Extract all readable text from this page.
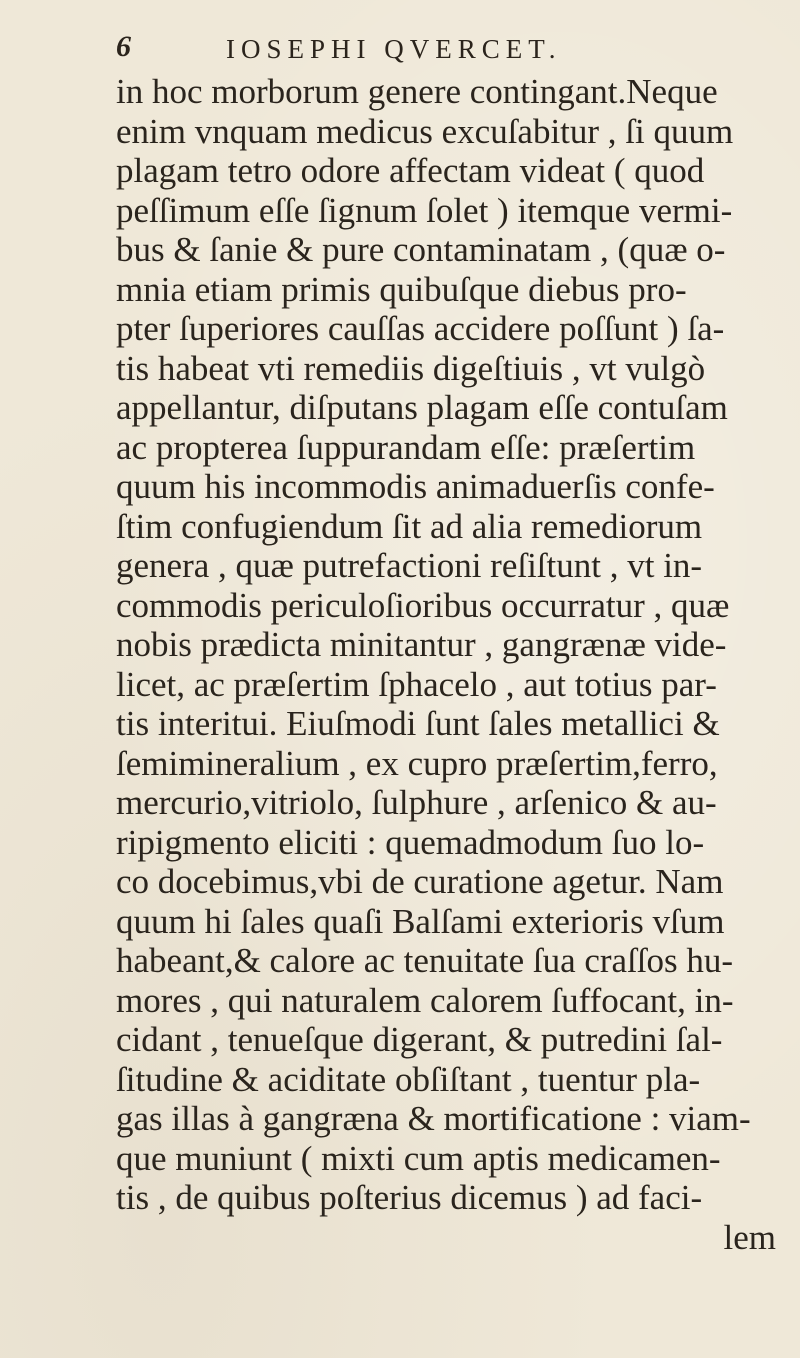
6	IOSEPHI QVERCET.
in hoc morborum genere contingant.Neque
enim vnquam medicus excuſabitur , ſi quum
plagam tetro odore affectam videat ( quod
peſſimum eſſe ſignum ſolet ) itemque vermi-
bus & ſanie & pure contaminatam , (quæ o-
mnia etiam primis quibuſque diebus pro-
pter ſuperiores cauſſas accidere poſſunt ) ſa-
tis habeat vti remediis digeſtiuis , vt vulgò
appellantur, diſputans plagam eſſe contuſam
ac propterea ſuppurandam eſſe: præſertim
quum his incommodis animaduerſis confe-
ſtim confugiendum ſit ad alia remediorum
genera , quæ putrefactioni reſiſtunt , vt in-
commodis periculoſioribus occurratur , quæ
nobis prædicta minitantur , gangrænæ vide-
licet, ac præſertim ſphacelo , aut totius par-
tis interitui. Eiuſmodi ſunt ſales metallici &
ſemimineralium , ex cupro præſertim,ferro,
mercurio,vitriolo, ſulphure , arſenico & au-
ripigmento eliciti : quemadmodum ſuo lo-
co docebimus,vbi de curatione agetur. Nam
quum hi ſales quaſi Balſami exterioris vſum
habeant,& calore ac tenuitate ſua craſſos hu-
mores , qui naturalem calorem ſuffocant, in-
cidant , tenueſque digerant, & putredini ſal-
ſitudine & aciditate obſiſtant , tuentur pla-
gas illas à gangræna & mortificatione : viam-
que muniunt ( mixti cum aptis medicamen-
tis , de quibus poſterius dicemus ) ad faci-
lem
